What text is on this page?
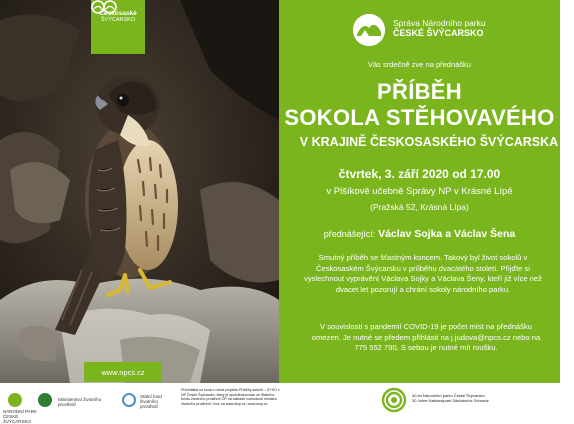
Českosaské
ŠVÝCARSKO
www.npcs.cz
Správa Národního parku
ČESKÉ ŠVÝCARSKO
Vás srdečně zve na přednášku
PŘÍBĚH
SOKOLA STĚHOVAVÉHO
V KRAJINĚ ČESKOSASKÉHO ŠVÝCARSKA
čtvrtek, 3. září 2020 od 17.00
v Plšíkově učebně Správy NP v Krásné Lípě
(Pražská 52, Krásná Lípa)
přednášející: Václav Sojka a Václav Šena
Smutný příběh se šťastným koncem. Takový byl život sokolů v Českosaském Švýcarsku v průběhu dvacátého století. Přijďte si vyslechnout vyprávění Václava Sojky a Václava Šeny, kteří již více než dvacet let pozorují a chrání sokoly národního parku.
V souvislosti s pandemií COVID-19 je počet míst na přednášku
omezen. Je nutné se předem přihlásit na j.judova@npcs.cz nebo na
775 552 790. S sebou je nutné mít roušku.
NÁRODNÍ PARK ČESKÉ ŠVÝCARSKO
Ministerstvo životního prostředí
Státní fond životního prostředí
Přednáška se koná v rámci projektu Příběhy sokolů – SYSO v NP České Švýcarsko, který je spolufinancován ze Státního fondu životního prostředí ČR na základě rozhodnutí ministra životního prostředí. Více na www.sfzp.cz, www.mzp.cz
40 let Národního parku České Švýcarsko
30 Jahre Nationalpark Sächsische Schweiz
